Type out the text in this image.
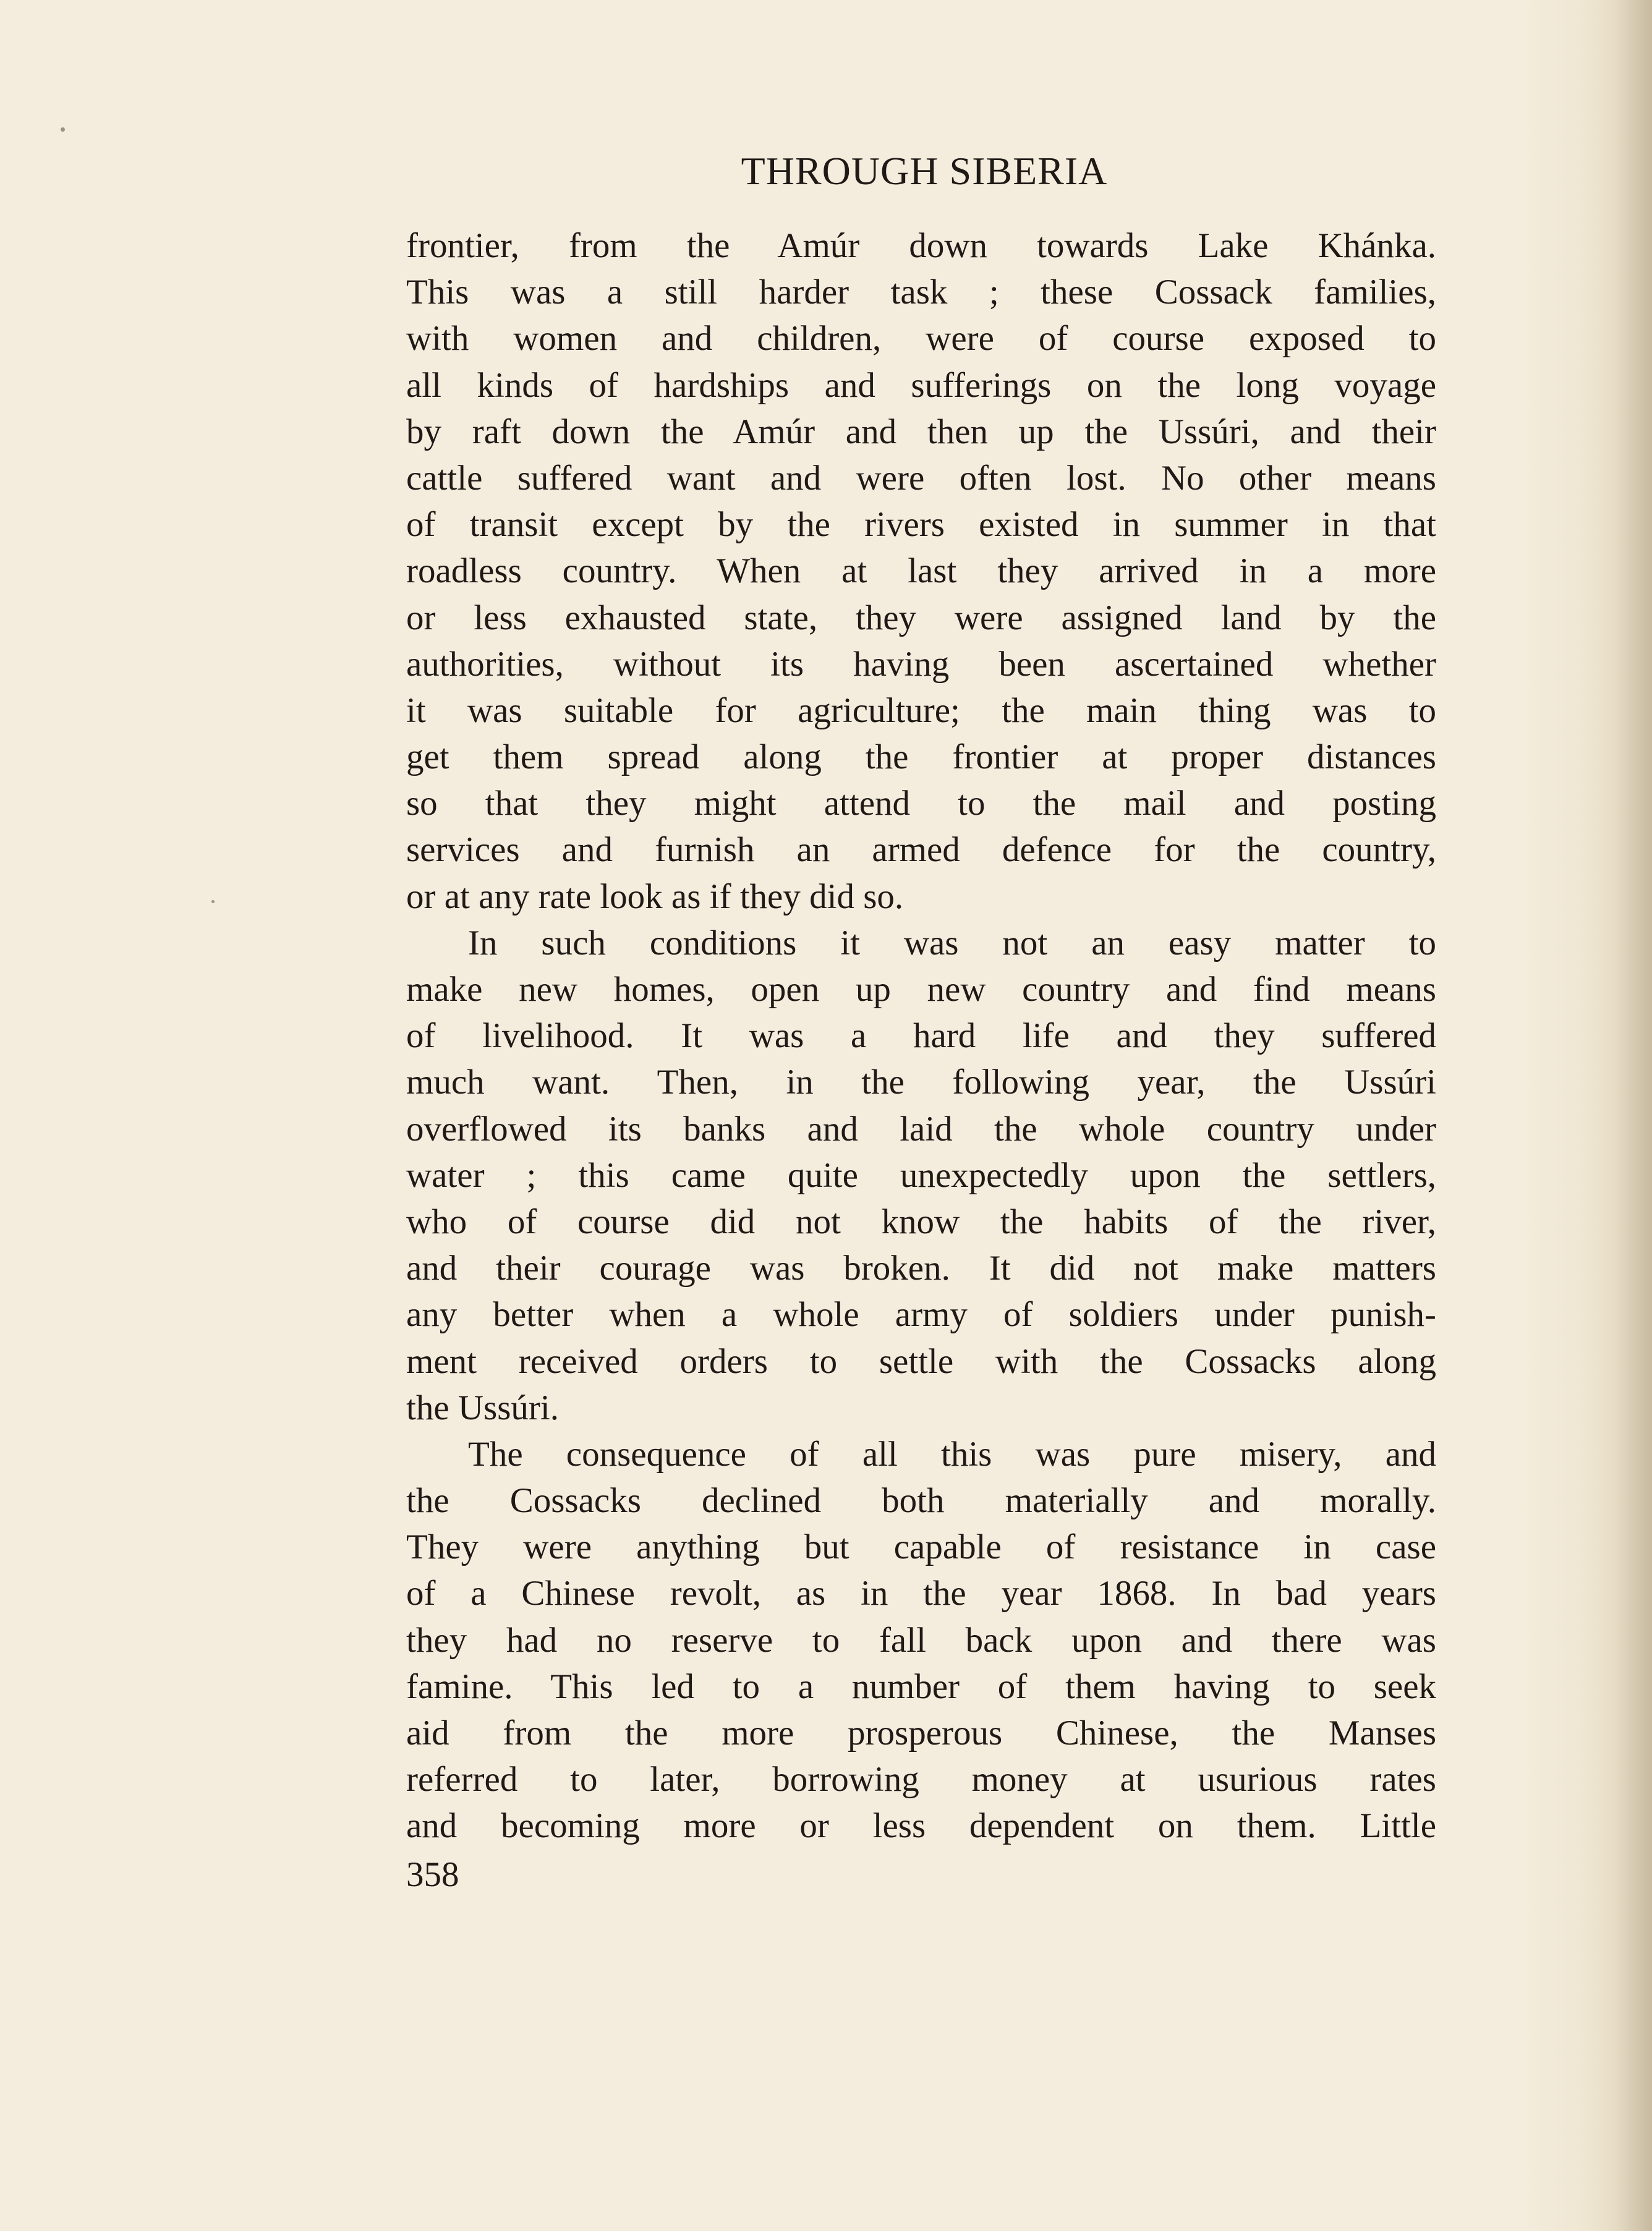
THROUGH SIBERIA
frontier, from the Amúr down towards Lake Khánka.
This was a still harder task ; these Cossack families,
with women and children, were of course exposed to
all kinds of hardships and sufferings on the long voyage
by raft down the Amúr and then up the Ussúri, and their
cattle suffered want and were often lost. No other means
of transit except by the rivers existed in summer in that
roadless country. When at last they arrived in a more
or less exhausted state, they were assigned land by the
authorities, without its having been ascertained whether
it was suitable for agriculture; the main thing was to
get them spread along the frontier at proper distances
so that they might attend to the mail and posting
services and furnish an armed defence for the country,
or at any rate look as if they did so.
In such conditions it was not an easy matter to
make new homes, open up new country and find means
of livelihood. It was a hard life and they suffered
much want. Then, in the following year, the Ussúri
overflowed its banks and laid the whole country under
water ; this came quite unexpectedly upon the settlers,
who of course did not know the habits of the river,
and their courage was broken. It did not make matters
any better when a whole army of soldiers under punish-
ment received orders to settle with the Cossacks along
the Ussúri.
The consequence of all this was pure misery, and
the Cossacks declined both materially and morally.
They were anything but capable of resistance in case
of a Chinese revolt, as in the year 1868. In bad years
they had no reserve to fall back upon and there was
famine. This led to a number of them having to seek
aid from the more prosperous Chinese, the Manses
referred to later, borrowing money at usurious rates
and becoming more or less dependent on them. Little
358
